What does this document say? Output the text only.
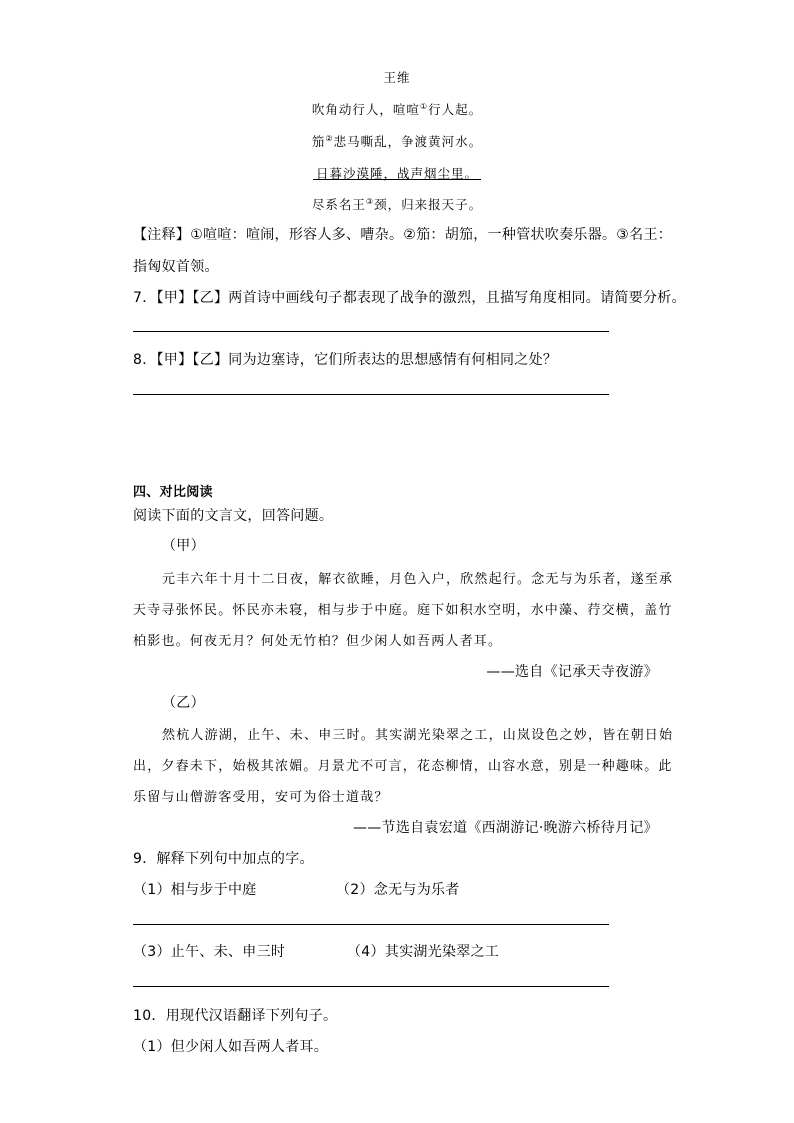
王维
吹角动行人，喧喧①行人起。
笳②悲马嘶乱，争渡黄河水。
日暮沙漠陲，战声烟尘里。
尽系名王③颈，归来报天子。
【注释】①喧喧：喧闹，形容人多、嘈杂。②笳：胡笳，一种管状吹奏乐器。③名王：
指匈奴首领。
7．【甲】【乙】两首诗中画线句子都表现了战争的激烈，且描写角度相同。请简要分析。
8．【甲】【乙】同为边塞诗，它们所表达的思想感情有何相同之处？
四、对比阅读
阅读下面的文言文，回答问题。
（甲）
元丰六年十月十二日夜，解衣欲睡，月色入户，欣然起行。念无与为乐者，遂至承
天寺寻张怀民。怀民亦未寝，相与步于中庭。庭下如积水空明，水中藻、荇交横，盖竹
柏影也。何夜无月？何处无竹柏？但少闲人如吾两人者耳。
——选自《记承天寺夜游》
（乙）
然杭人游湖，止午、未、申三时。其实湖光染翠之工，山岚设色之妙，皆在朝日始
出，夕舂未下，始极其浓媚。月景尤不可言，花态柳情，山容水意，别是一种趣味。此
乐留与山僧游客受用，安可为俗士道哉？
——节选自袁宏道《西湖游记·晚游六桥待月记》
9．解释下列句中加点的字。
（1）相与步于中庭	（2）念无与为乐者
（3）止午、未、申三时	（4）其实湖光染翠之工
10．用现代汉语翻译下列句子。
（1）但少闲人如吾两人者耳。
